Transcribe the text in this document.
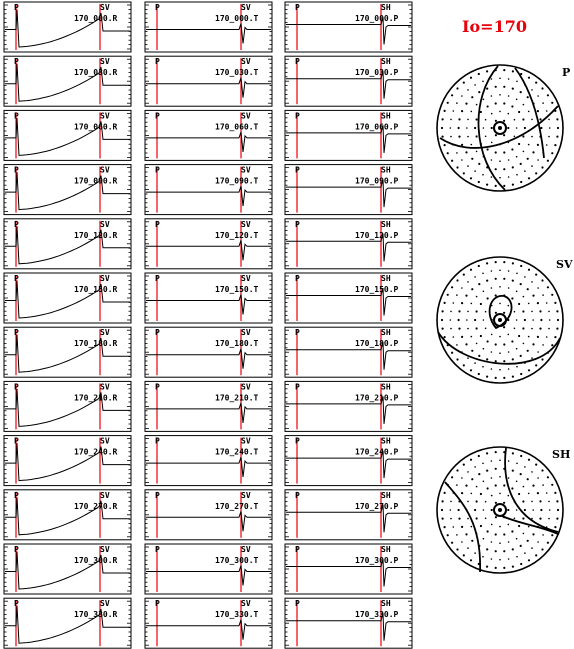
Io=170
P	SV
170_000.R
P	SV
170_030.R
P	SV
170_060.R
P	SV
170_090.R
P	SV
170_120.R
P	SV
170_150.R
P	SV
170_180.R
P	SV
170_210.R
P	SV
170_240.R
P	SV
170_270.R
P	SV
170_300.R
P	SV
170_330.R
P	SV
170_000.T
P	SV
170_030.T
P	SV
170_060.T
P	SV
170_090.T
P	SV
170_120.T
P	SV
170_150.T
P	SV
170_180.T
P	SV
170_210.T
P	SV
170_240.T
P	SV
170_270.T
P	SV
170_300.T
P	SV
170_330.T
P	SH
170_000.P
P	SH
170_030.P
P	SH
170_060.P
P	SH
170_090.P
P	SH
170_120.P
P	SH
170_150.P
P	SH
170_180.P
P	SH
170_210.P
P	SH
170_240.P
P	SH
170_270.P
P	SH
170_300.P
P	SH
170_330.P
P
SV
SH
